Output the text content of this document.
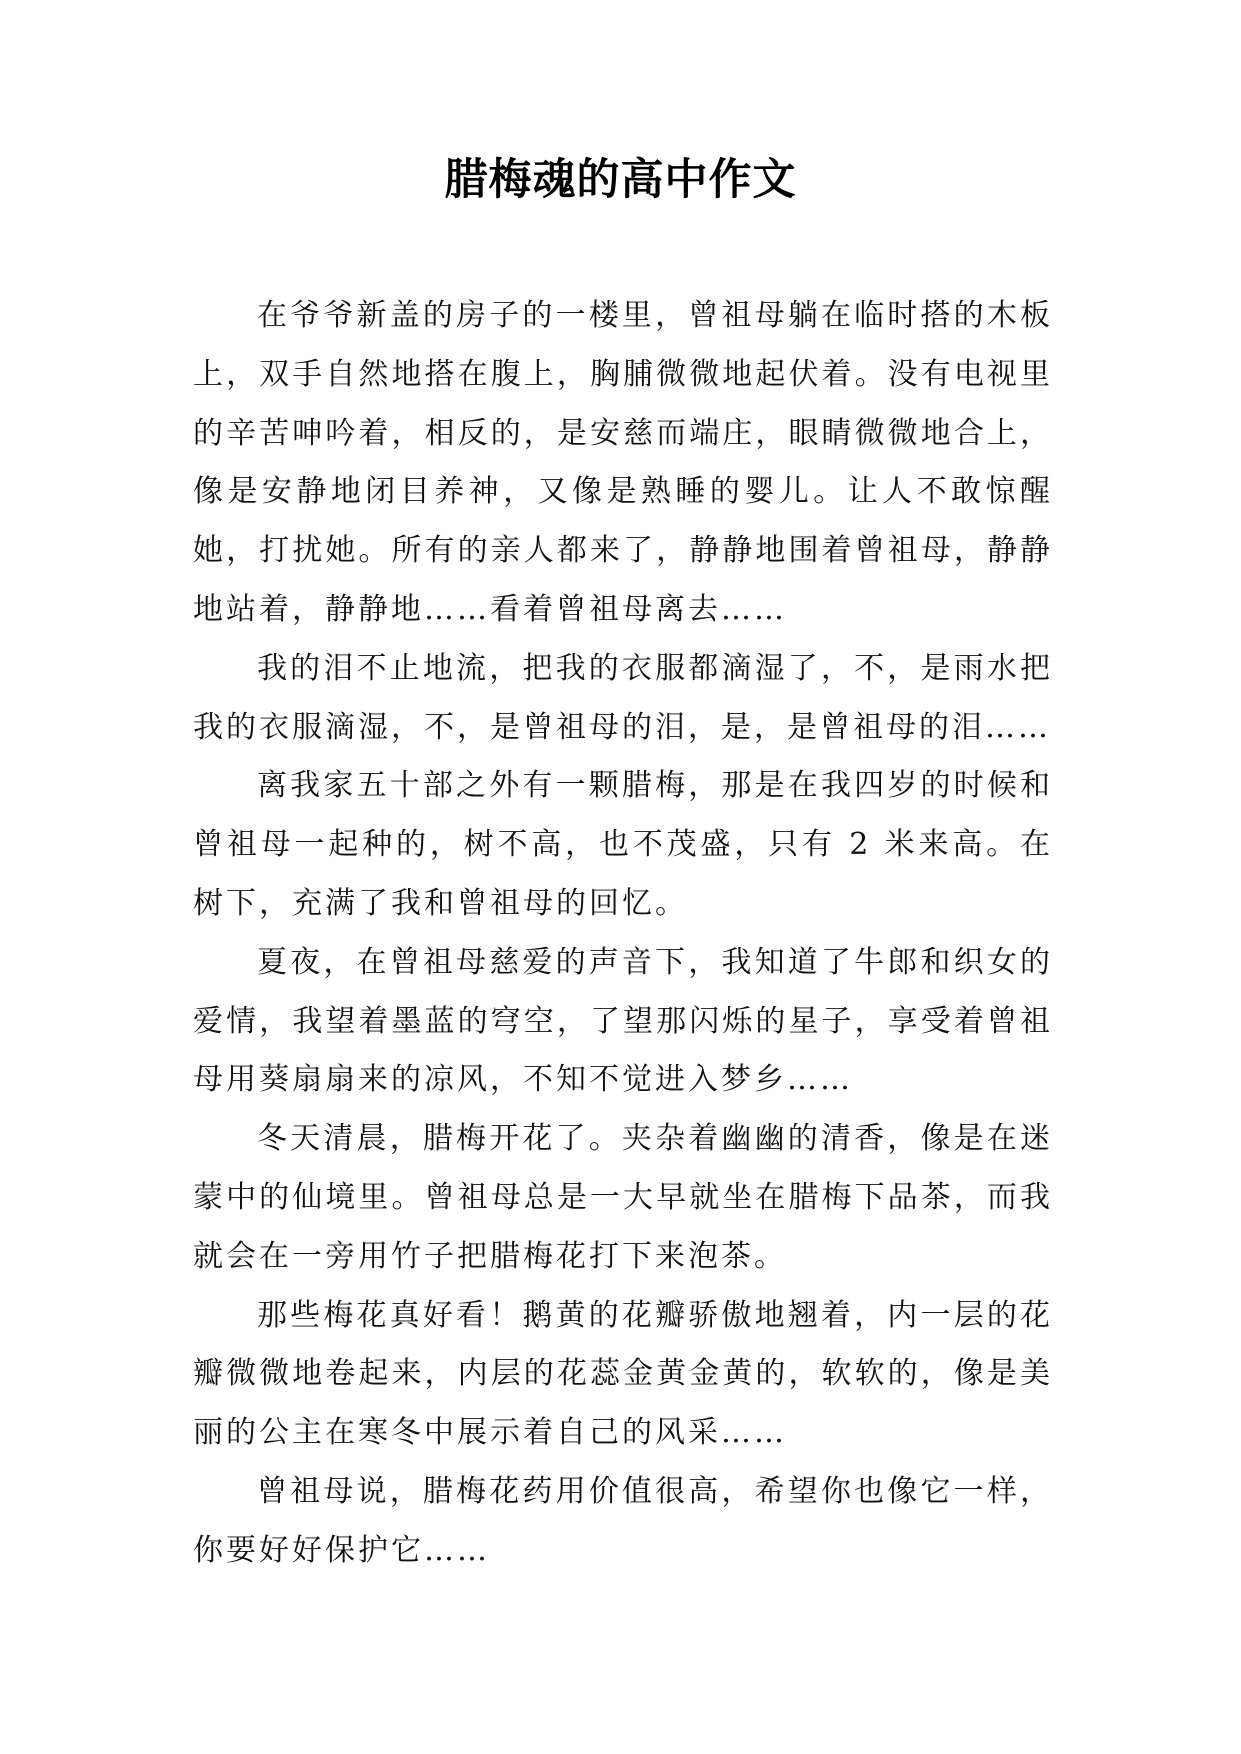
腊梅魂的高中作文

在爷爷新盖的房子的一楼里，曾祖母躺在临时搭的木板上，双手自然地搭在腹上，胸脯微微地起伏着。没有电视里的辛苦呻吟着，相反的，是安慈而端庄，眼睛微微地合上，像是安静地闭目养神，又像是熟睡的婴儿。让人不敢惊醒她，打扰她。所有的亲人都来了，静静地围着曾祖母，静静地站着，静静地……看着曾祖母离去……

我的泪不止地流，把我的衣服都滴湿了，不，是雨水把我的衣服滴湿，不，是曾祖母的泪，是，是曾祖母的泪……

离我家五十部之外有一颗腊梅，那是在我四岁的时候和曾祖母一起种的，树不高，也不茂盛，只有 2 米来高。在树下，充满了我和曾祖母的回忆。

夏夜，在曾祖母慈爱的声音下，我知道了牛郎和织女的爱情，我望着墨蓝的穹空，了望那闪烁的星子，享受着曾祖母用葵扇扇来的凉风，不知不觉进入梦乡……

冬天清晨，腊梅开花了。夹杂着幽幽的清香，像是在迷蒙中的仙境里。曾祖母总是一大早就坐在腊梅下品茶，而我就会在一旁用竹子把腊梅花打下来泡茶。

那些梅花真好看！鹅黄的花瓣骄傲地翘着，内一层的花瓣微微地卷起来，内层的花蕊金黄金黄的，软软的，像是美丽的公主在寒冬中展示着自己的风采……

曾祖母说，腊梅花药用价值很高，希望你也像它一样，你要好好保护它……
